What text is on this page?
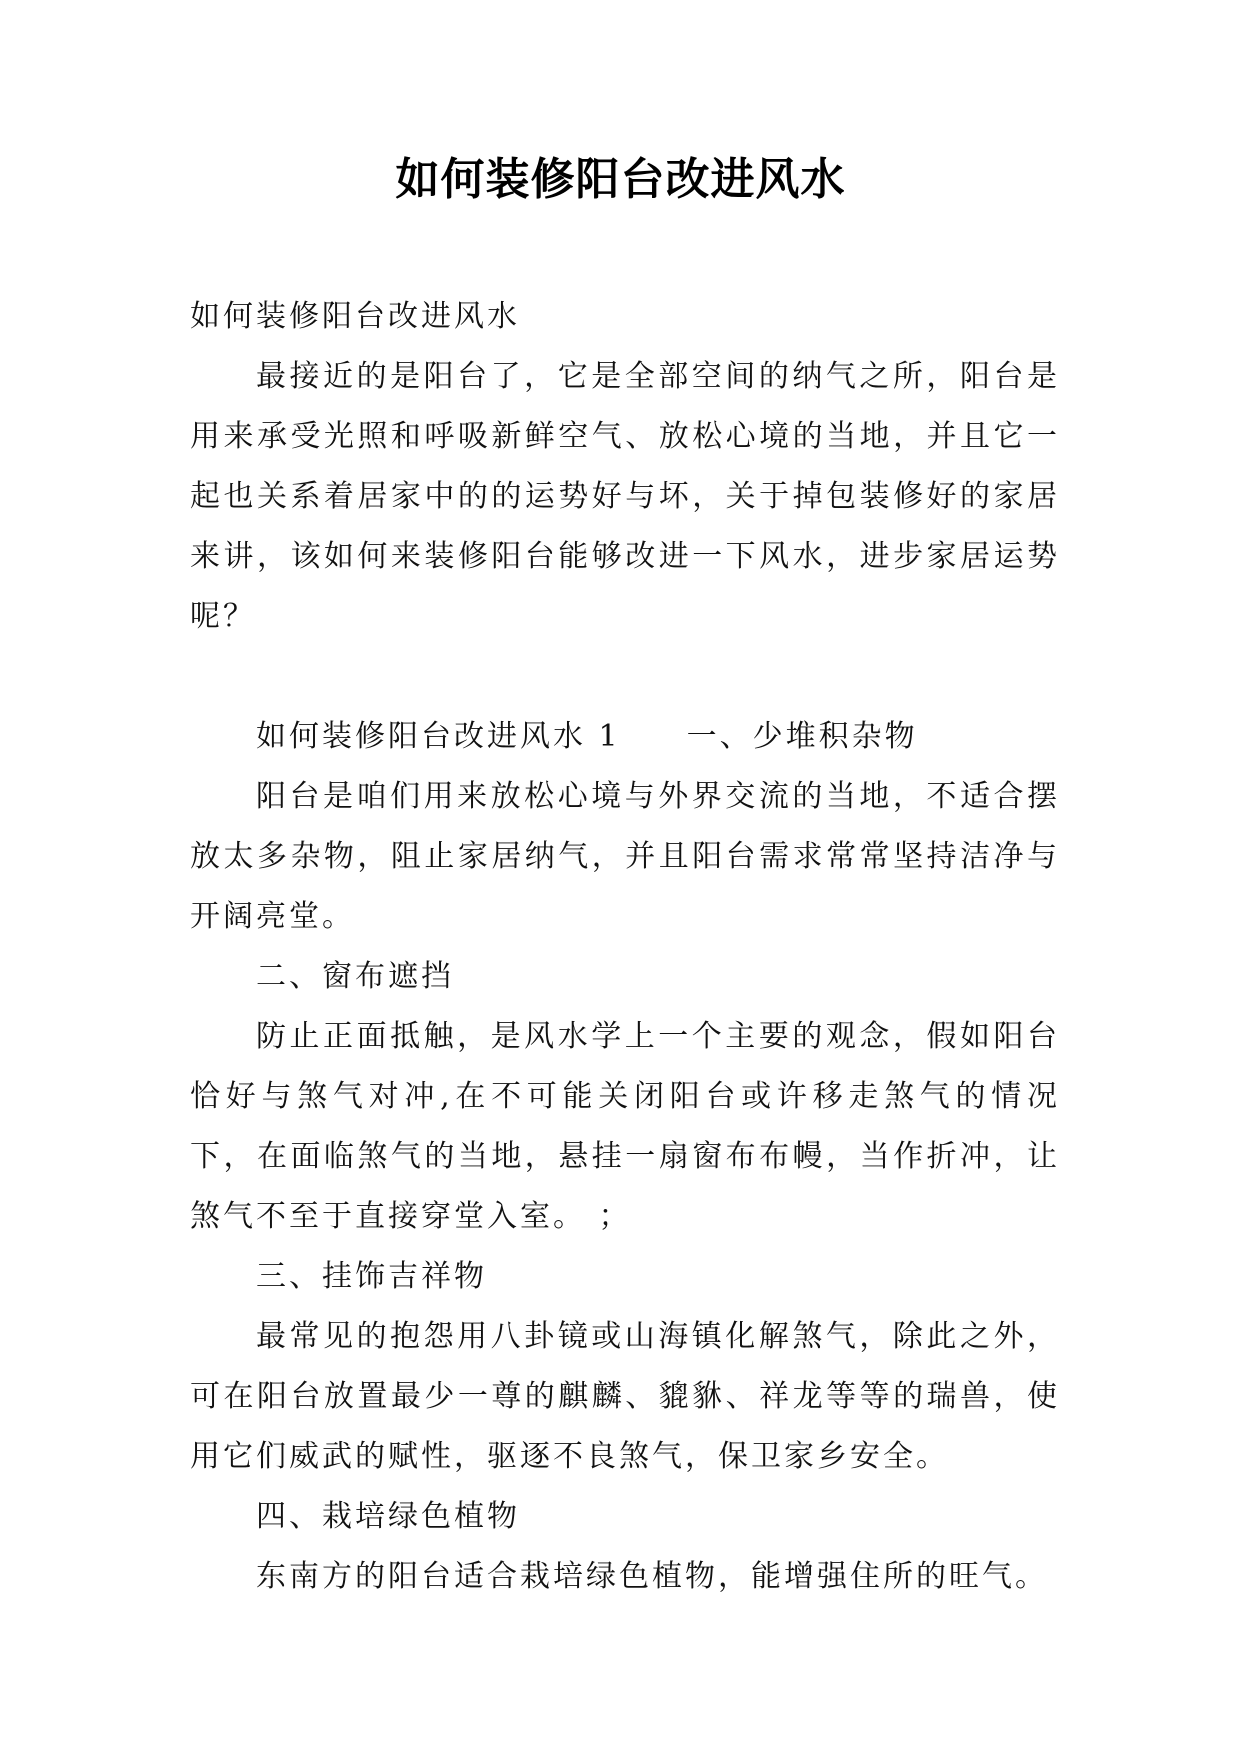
如何装修阳台改进风水

如何装修阳台改进风水

最接近的是阳台了，它是全部空间的纳气之所，阳台是用来承受光照和呼吸新鲜空气、放松心境的当地，并且它一起也关系着居家中的的运势好与坏，关于掉包装修好的家居来讲，该如何来装修阳台能够改进一下风水，进步家居运势呢？

如何装修阳台改进风水 1　　一、少堆积杂物

阳台是咱们用来放松心境与外界交流的当地，不适合摆放太多杂物，阻止家居纳气，并且阳台需求常常坚持洁净与开阔亮堂。

二、窗布遮挡

防止正面抵触，是风水学上一个主要的观念，假如阳台恰好与煞气对冲,在不可能关闭阳台或许移走煞气的情况下，在面临煞气的当地，悬挂一扇窗布布幔，当作折冲，让煞气不至于直接穿堂入室。 ；

三、挂饰吉祥物

最常见的抱怨用八卦镜或山海镇化解煞气，除此之外，可在阳台放置最少一尊的麒麟、貔貅、祥龙等等的瑞兽，使用它们威武的赋性，驱逐不良煞气，保卫家乡安全。

四、栽培绿色植物

东南方的阳台适合栽培绿色植物，能增强住所的旺气。
